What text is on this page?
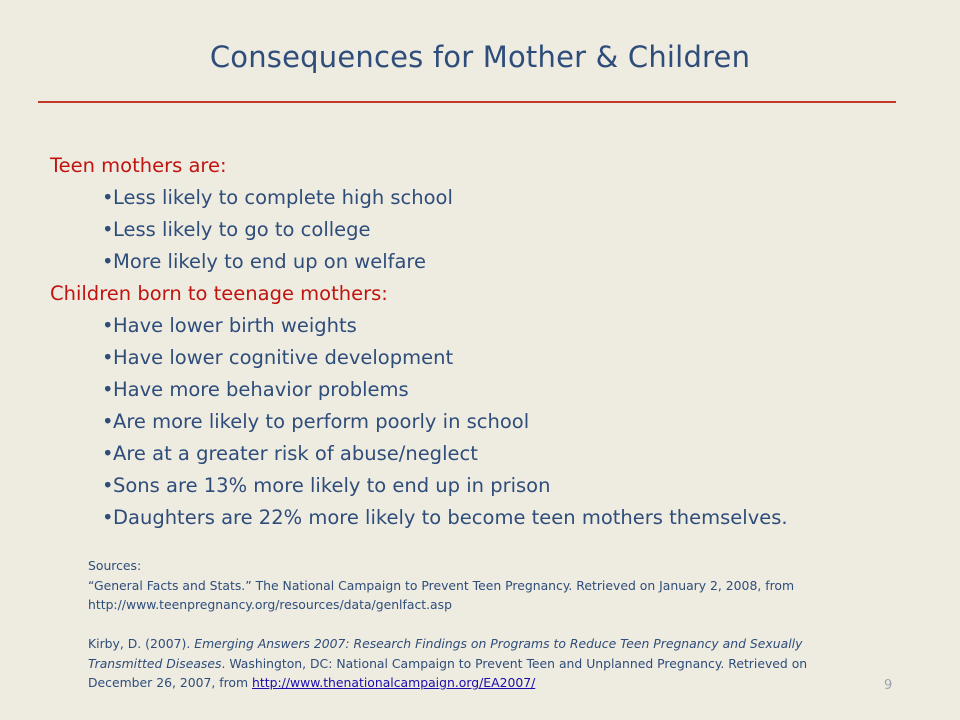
Consequences for Mother & Children
Teen mothers are:
• Less likely to complete high school
• Less likely to go to college
• More likely to end up on welfare
Children born to teenage mothers:
• Have lower birth weights
• Have lower cognitive development
• Have more behavior problems
• Are more likely to perform poorly in school
• Are at a greater risk of abuse/neglect
• Sons are 13% more likely to end up in prison
• Daughters are 22% more likely to become teen mothers themselves.
Sources:
“General Facts and Stats.” The National Campaign to Prevent Teen Pregnancy. Retrieved on January 2, 2008, from
http://www.teenpregnancy.org/resources/data/genlfact.asp
Kirby, D. (2007). Emerging Answers 2007: Research Findings on Programs to Reduce Teen Pregnancy and Sexually
Transmitted Diseases. Washington, DC: National Campaign to Prevent Teen and Unplanned Pregnancy. Retrieved on
December 26, 2007, from http://www.thenationalcampaign.org/EA2007/	9
